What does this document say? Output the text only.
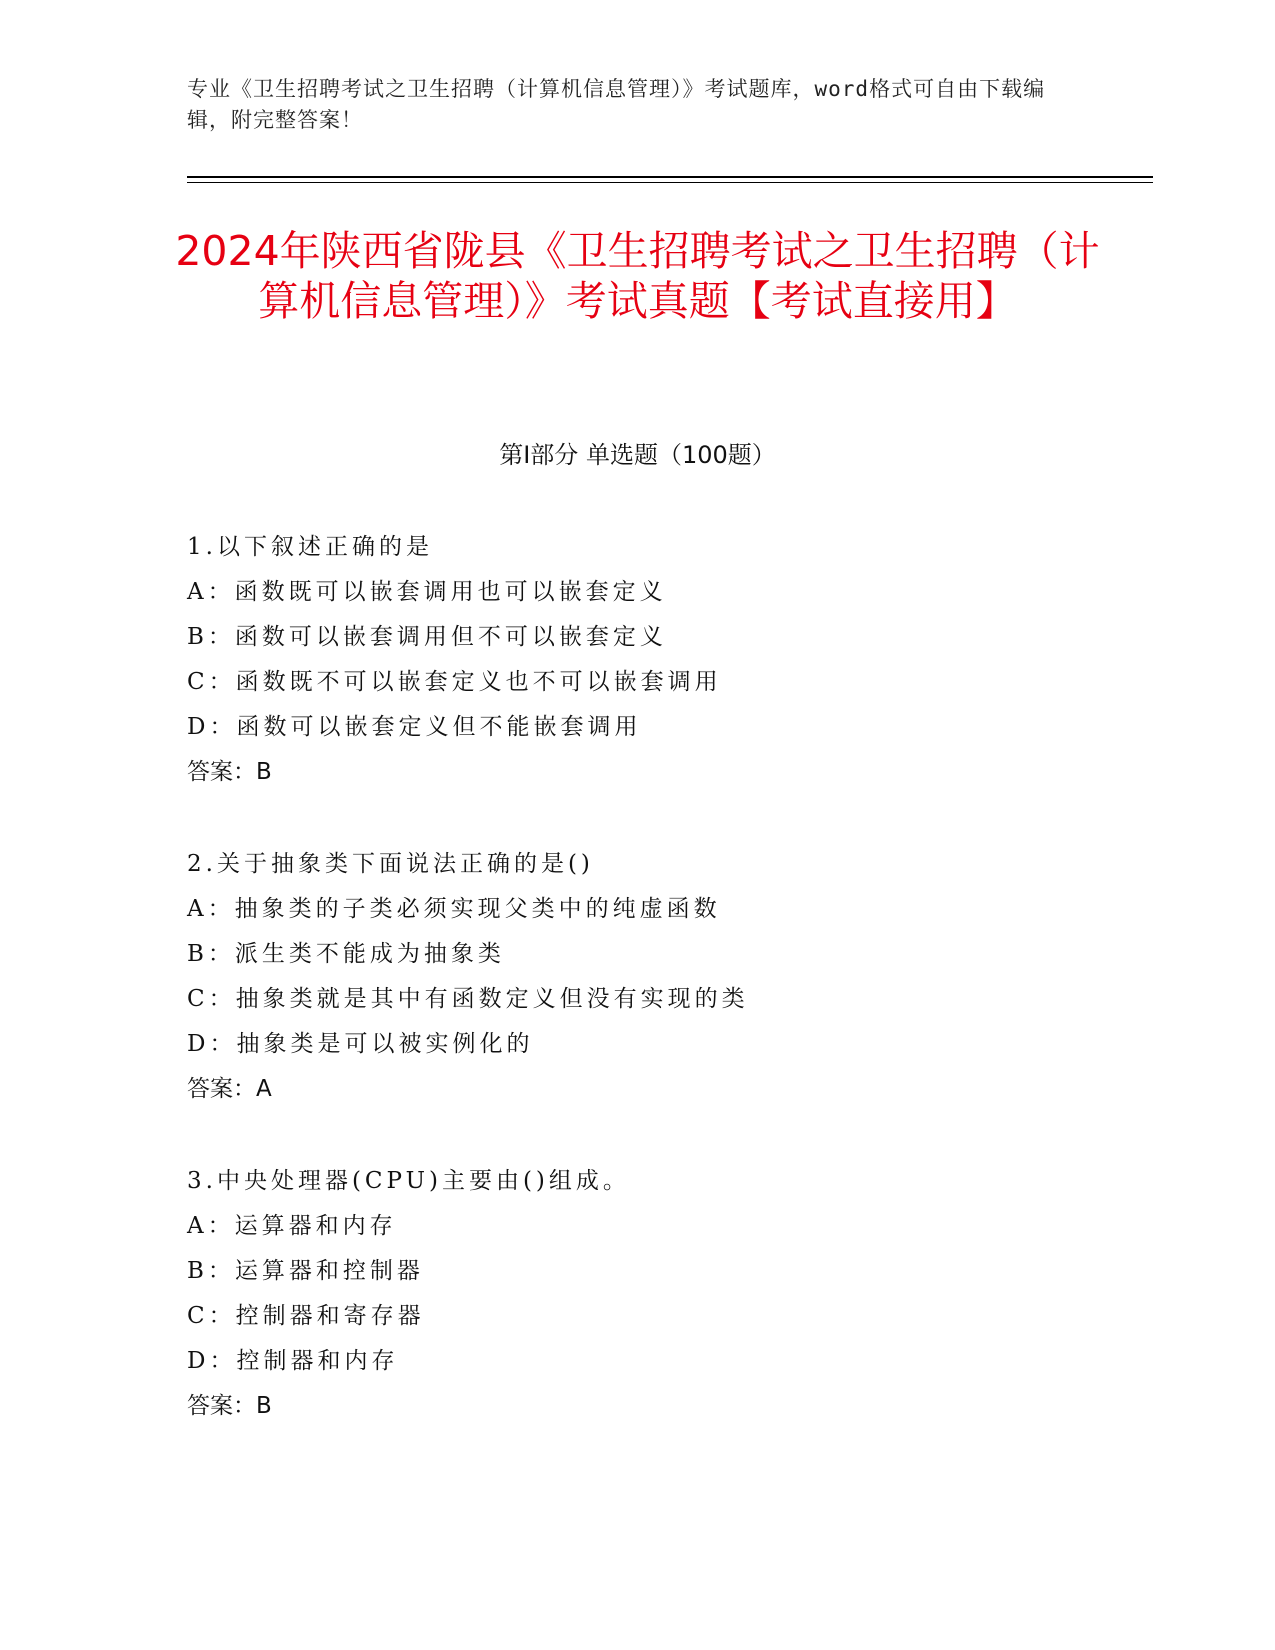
专业《卫生招聘考试之卫生招聘（计算机信息管理）》考试题库，word格式可自由下载编辑，附完整答案！
2024年陕西省陇县《卫生招聘考试之卫生招聘（计算机信息管理）》考试真题【考试直接用】
第I部分 单选题（100题）
1.以下叙述正确的是
A：函数既可以嵌套调用也可以嵌套定义
B：函数可以嵌套调用但不可以嵌套定义
C：函数既不可以嵌套定义也不可以嵌套调用
D：函数可以嵌套定义但不能嵌套调用
答案：B
2.关于抽象类下面说法正确的是()
A：抽象类的子类必须实现父类中的纯虚函数
B：派生类不能成为抽象类
C：抽象类就是其中有函数定义但没有实现的类
D：抽象类是可以被实例化的
答案：A
3.中央处理器(CPU)主要由()组成。
A：运算器和内存
B：运算器和控制器
C：控制器和寄存器
D：控制器和内存
答案：B
